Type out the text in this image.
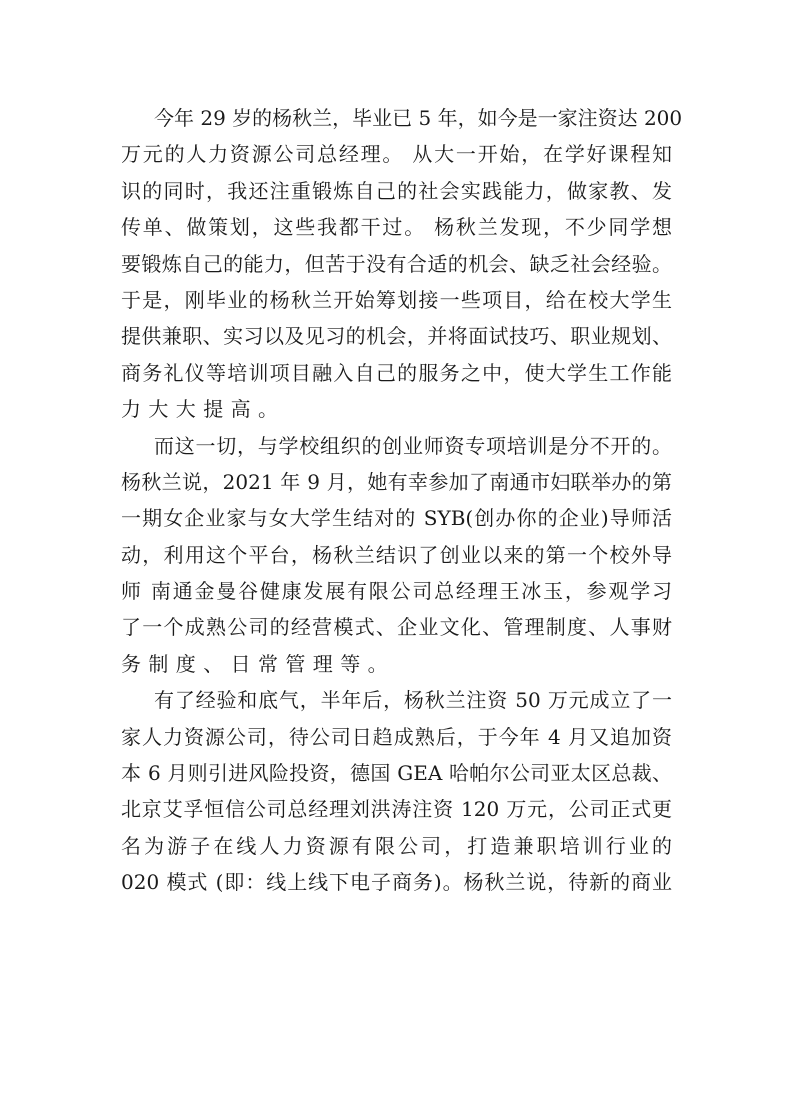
今年 29 岁的杨秋兰，毕业已 5 年，如今是一家注资达 200
万元的人力资源公司总经理。 从大一开始，在学好课程知
识的同时，我还注重锻炼自己的社会实践能力，做家教、发
传单、做策划，这些我都干过。 杨秋兰发现，不少同学想
要锻炼自己的能力，但苦于没有合适的机会、缺乏社会经验。
于是，刚毕业的杨秋兰开始筹划接一些项目，给在校大学生
提供兼职、实习以及见习的机会，并将面试技巧、职业规划、
商务礼仪等培训项目融入自己的服务之中，使大学生工作能
力大大提高。
而这一切，与学校组织的创业师资专项培训是分不开的。
杨秋兰说，2021 年 9 月，她有幸参加了南通市妇联举办的第
一期女企业家与女大学生结对的 SYB(创办你的企业)导师活
动，利用这个平台，杨秋兰结识了创业以来的第一个校外导
师 南通金曼谷健康发展有限公司总经理王冰玉，参观学习
了一个成熟公司的经营模式、企业文化、管理制度、人事财
务制度、日常管理等。
有了经验和底气，半年后，杨秋兰注资 50 万元成立了一
家人力资源公司，待公司日趋成熟后，于今年 4 月又追加资
本 6 月则引进风险投资，德国 GEA 哈帕尔公司亚太区总裁、
北京艾孚恒信公司总经理刘洪涛注资 120 万元，公司正式更
名为游子在线人力资源有限公司，打造兼职培训行业的
020 模式 (即：线上线下电子商务)。杨秋兰说，待新的商业
